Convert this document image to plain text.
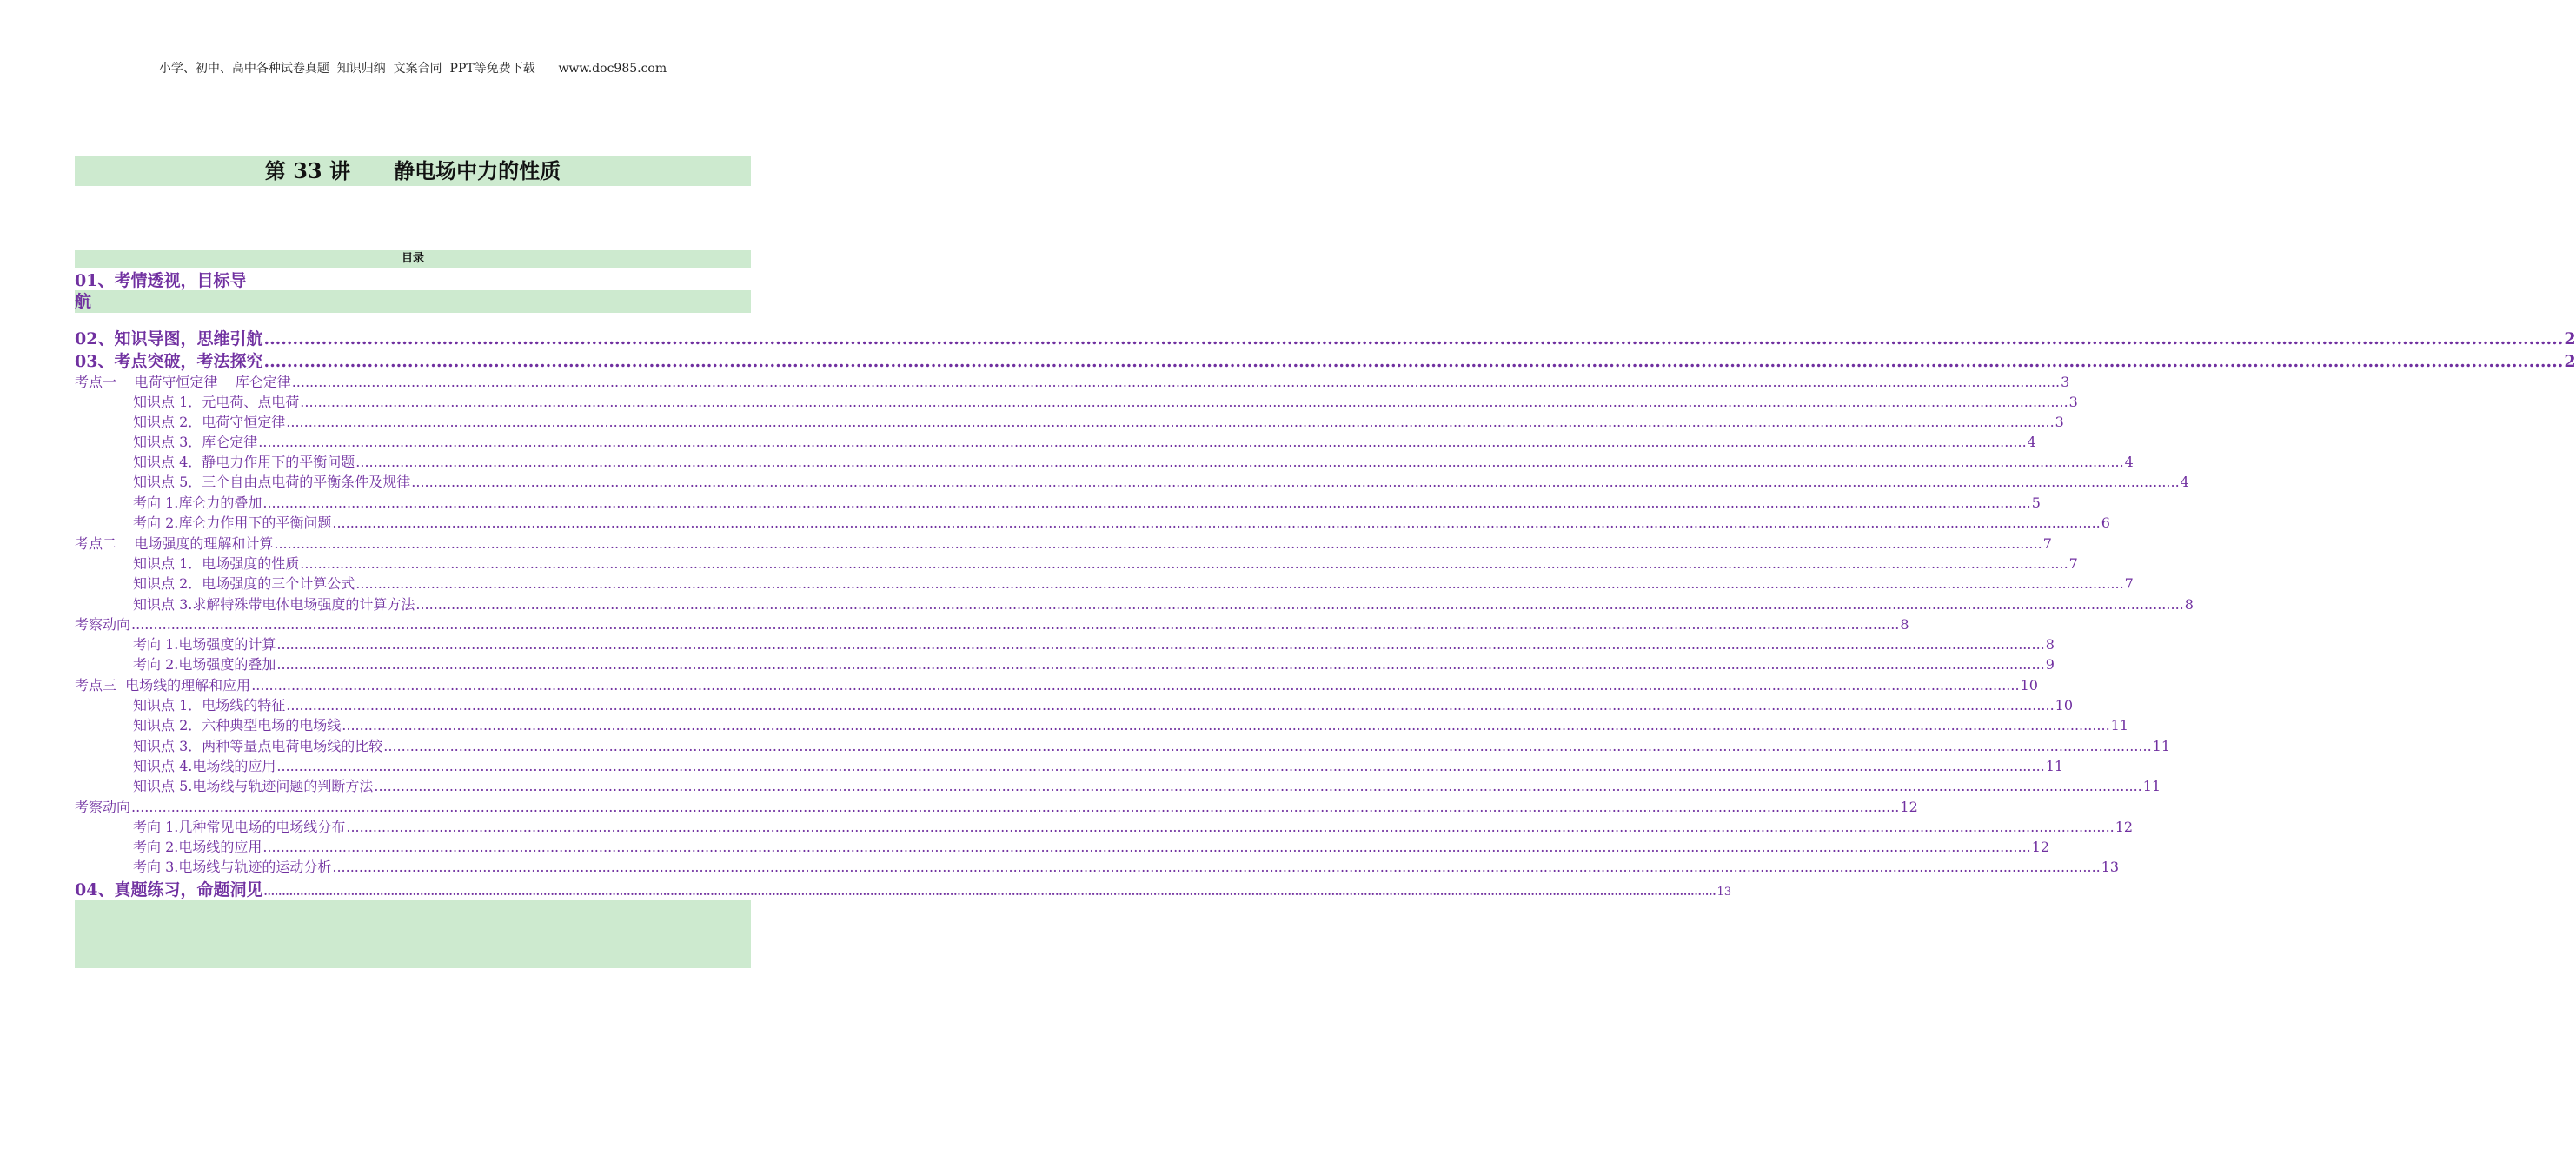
小学、初中、高中各种试卷真题  知识归纳  文案合同  PPT等免费下载      www.doc985.com
第 33 讲      静电场中力的性质
目录
01、考情透视，目标导
航
02、知识导图，思维引航 ................................................................................................................................................................................................................................................................................................................................................................................................................ 2
03、考点突破，考法探究 ................................................................................................................................................................................................................................................................................................................................................................................................................ 2
考点一    电荷守恒定律    库仑定律 ................................................................................................................................................................................................................................................................................................................................................................................................................ 3
知识点 1．元电荷、点电荷 ................................................................................................................................................................................................................................................................................................................................................................................................................ 3
知识点 2．电荷守恒定律 ................................................................................................................................................................................................................................................................................................................................................................................................................ 3
知识点 3．库仑定律 ................................................................................................................................................................................................................................................................................................................................................................................................................ 4
知识点 4．静电力作用下的平衡问题 ................................................................................................................................................................................................................................................................................................................................................................................................................ 4
知识点 5．三个自由点电荷的平衡条件及规律 ................................................................................................................................................................................................................................................................................................................................................................................................................ 4
考向 1.库仑力的叠加 ................................................................................................................................................................................................................................................................................................................................................................................................................ 5
考向 2.库仑力作用下的平衡问题 ................................................................................................................................................................................................................................................................................................................................................................................................................ 6
考点二    电场强度的理解和计算 ................................................................................................................................................................................................................................................................................................................................................................................................................ 7
知识点 1．电场强度的性质 ................................................................................................................................................................................................................................................................................................................................................................................................................ 7
知识点 2．电场强度的三个计算公式 ................................................................................................................................................................................................................................................................................................................................................................................................................ 7
知识点 3.求解特殊带电体电场强度的计算方法 ................................................................................................................................................................................................................................................................................................................................................................................................................ 8
考察动向 ................................................................................................................................................................................................................................................................................................................................................................................................................ 8
考向 1.电场强度的计算 ................................................................................................................................................................................................................................................................................................................................................................................................................ 8
考向 2.电场强度的叠加 ................................................................................................................................................................................................................................................................................................................................................................................................................ 9
考点三  电场线的理解和应用 ................................................................................................................................................................................................................................................................................................................................................................................................................ 10
知识点 1．电场线的特征 ................................................................................................................................................................................................................................................................................................................................................................................................................ 10
知识点 2．六种典型电场的电场线 ................................................................................................................................................................................................................................................................................................................................................................................................................ 11
知识点 3．两种等量点电荷电场线的比较 ................................................................................................................................................................................................................................................................................................................................................................................................................ 11
知识点 4.电场线的应用 ................................................................................................................................................................................................................................................................................................................................................................................................................ 11
知识点 5.电场线与轨迹问题的判断方法 ................................................................................................................................................................................................................................................................................................................................................................................................................ 11
考察动向 ................................................................................................................................................................................................................................................................................................................................................................................................................ 12
考向 1.几种常见电场的电场线分布 ................................................................................................................................................................................................................................................................................................................................................................................................................ 12
考向 2.电场线的应用 ................................................................................................................................................................................................................................................................................................................................................................................................................ 12
考向 3.电场线与轨迹的运动分析 ................................................................................................................................................................................................................................................................................................................................................................................................................ 13
04、真题练习，命题洞见 ................................................................................................................................................................................................................................................................................................................................................................................................................ 13
